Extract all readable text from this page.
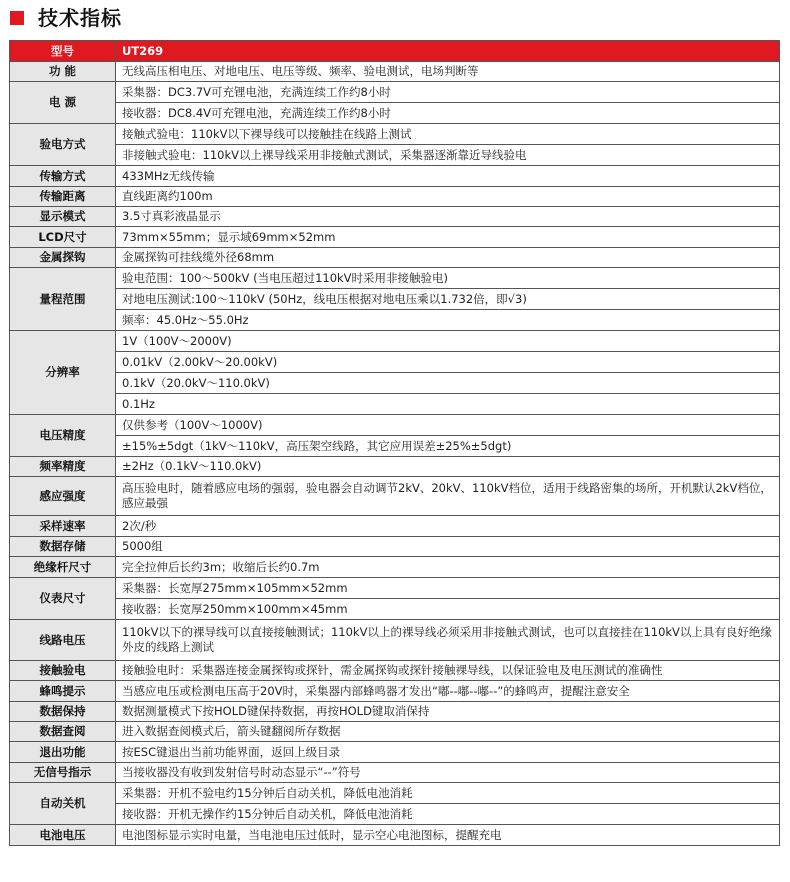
技术指标
型号	UT269
功 能	无线高压相电压、对地电压、电压等级、频率、验电测试，电场判断等
电 源	采集器：DC3.7V可充锂电池，充满连续工作约8小时
	接收器：DC8.4V可充锂电池，充满连续工作约8小时
验电方式	接触式验电：110kV以下裸导线可以接触挂在线路上测试
	非接触式验电：110kV以上裸导线采用非接触式测试，采集器逐渐靠近导线验电
传输方式	433MHz无线传输
传输距离	直线距离约100m
显示模式	3.5寸真彩液晶显示
LCD尺寸	73mm×55mm；显示域69mm×52mm
金属探钩	金属探钩可挂线缆外径68mm
量程范围	验电范围：100～500kV (当电压超过110kV时采用非接触验电)
	对地电压测试:100～110kV (50Hz，线电压根据对地电压乘以1.732倍，即√3)
	频率：45.0Hz～55.0Hz
分辨率	1V（100V～2000V)
	0.01kV（2.00kV～20.00kV)
	0.1kV（20.0kV～110.0kV)
	0.1Hz
电压精度	仅供参考（100V～1000V)
	±15%±5dgt（1kV～110kV，高压架空线路，其它应用误差±25%±5dgt)
频率精度	±2Hz（0.1kV～110.0kV)
感应强度	高压验电时，随着感应电场的强弱，验电器会自动调节2kV、20kV、110kV档位，适用于线路密集的场所，开机默认2kV档位，感应最强
采样速率	2次/秒
数据存储	5000组
绝缘杆尺寸	完全拉伸后长约3m；收缩后长约0.7m
仪表尺寸	采集器：长宽厚275mm×105mm×52mm
	接收器：长宽厚250mm×100mm×45mm
线路电压	110kV以下的裸导线可以直接接触测试；110kV以上的裸导线必须采用非接触式测试，也可以直接挂在110kV以上具有良好绝缘外皮的线路上测试
接触验电	接触验电时：采集器连接金属探钩或探针，需金属探钩或探针接触裸导线，以保证验电及电压测试的准确性
蜂鸣提示	当感应电压或检测电压高于20V时，采集器内部蜂鸣器才发出“嘟--嘟--嘟--”的蜂鸣声，提醒注意安全
数据保持	数据测量模式下按HOLD键保持数据，再按HOLD键取消保持
数据查阅	进入数据查阅模式后，箭头键翻阅所存数据
退出功能	按ESC键退出当前功能界面，返回上级目录
无信号指示	当接收器没有收到发射信号时动态显示“--”符号
自动关机	采集器：开机不验电约15分钟后自动关机，降低电池消耗
	接收器：开机无操作约15分钟后自动关机，降低电池消耗
电池电压	电池图标显示实时电量，当电池电压过低时，显示空心电池图标，提醒充电
